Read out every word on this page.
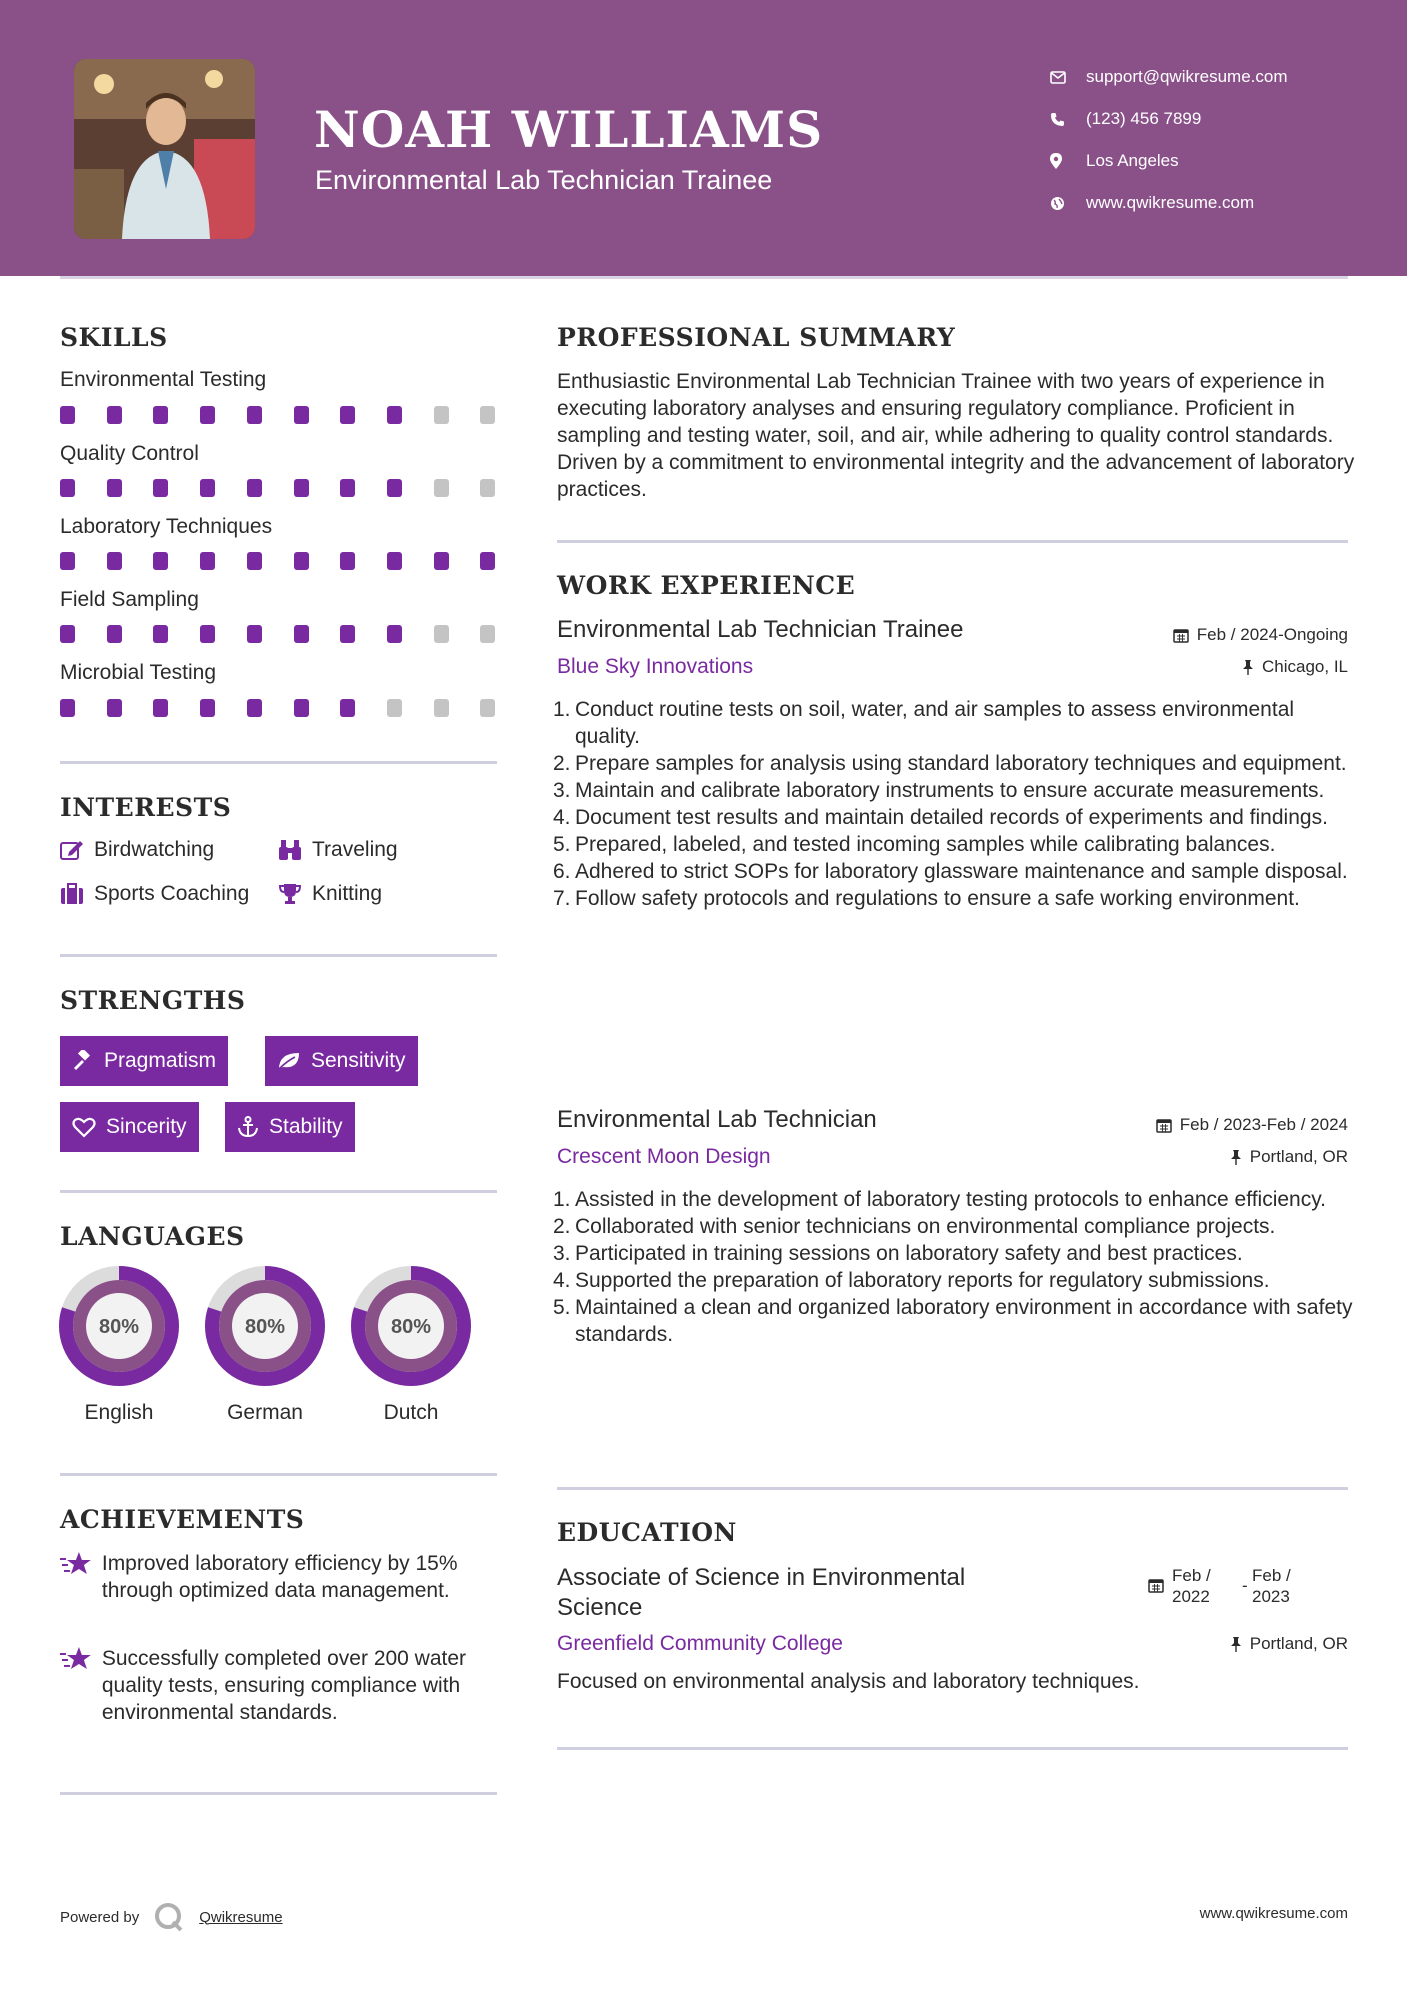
NOAH WILLIAMS
Environmental Lab Technician Trainee
support@qwikresume.com
(123) 456 7899
Los Angeles
www.qwikresume.com
SKILLS
Environmental Testing
Quality Control
Laboratory Techniques
Field Sampling
Microbial Testing
INTERESTS
Birdwatching	Traveling
Sports Coaching	Knitting
STRENGTHS
Pragmatism	Sensitivity
Sincerity	Stability
LANGUAGES
80%
English
80%
German
80%
Dutch
ACHIEVEMENTS
Improved laboratory efficiency by 15% through optimized data management.
Successfully completed over 200 water quality tests, ensuring compliance with environmental standards.
PROFESSIONAL SUMMARY
Enthusiastic Environmental Lab Technician Trainee with two years of experience in executing laboratory analyses and ensuring regulatory compliance. Proficient in sampling and testing water, soil, and air, while adhering to quality control standards. Driven by a commitment to environmental integrity and the advancement of laboratory practices.
WORK EXPERIENCE
Environmental Lab Technician Trainee	Feb / 2024-Ongoing
Blue Sky Innovations	Chicago, IL
1. Conduct routine tests on soil, water, and air samples to assess environmental quality.
2. Prepare samples for analysis using standard laboratory techniques and equipment.
3. Maintain and calibrate laboratory instruments to ensure accurate measurements.
4. Document test results and maintain detailed records of experiments and findings.
5. Prepared, labeled, and tested incoming samples while calibrating balances.
6. Adhered to strict SOPs for laboratory glassware maintenance and sample disposal.
7. Follow safety protocols and regulations to ensure a safe working environment.
Environmental Lab Technician	Feb / 2023-Feb / 2024
Crescent Moon Design	Portland, OR
1. Assisted in the development of laboratory testing protocols to enhance efficiency.
2. Collaborated with senior technicians on environmental compliance projects.
3. Participated in training sessions on laboratory safety and best practices.
4. Supported the preparation of laboratory reports for regulatory submissions.
5. Maintained a clean and organized laboratory environment in accordance with safety standards.
EDUCATION
Associate of Science in Environmental
Science
Feb /
2022
-
Feb /
2023
Greenfield Community College	Portland, OR
Focused on environmental analysis and laboratory techniques.
Powered by	Qwikresume	www.qwikresume.com
